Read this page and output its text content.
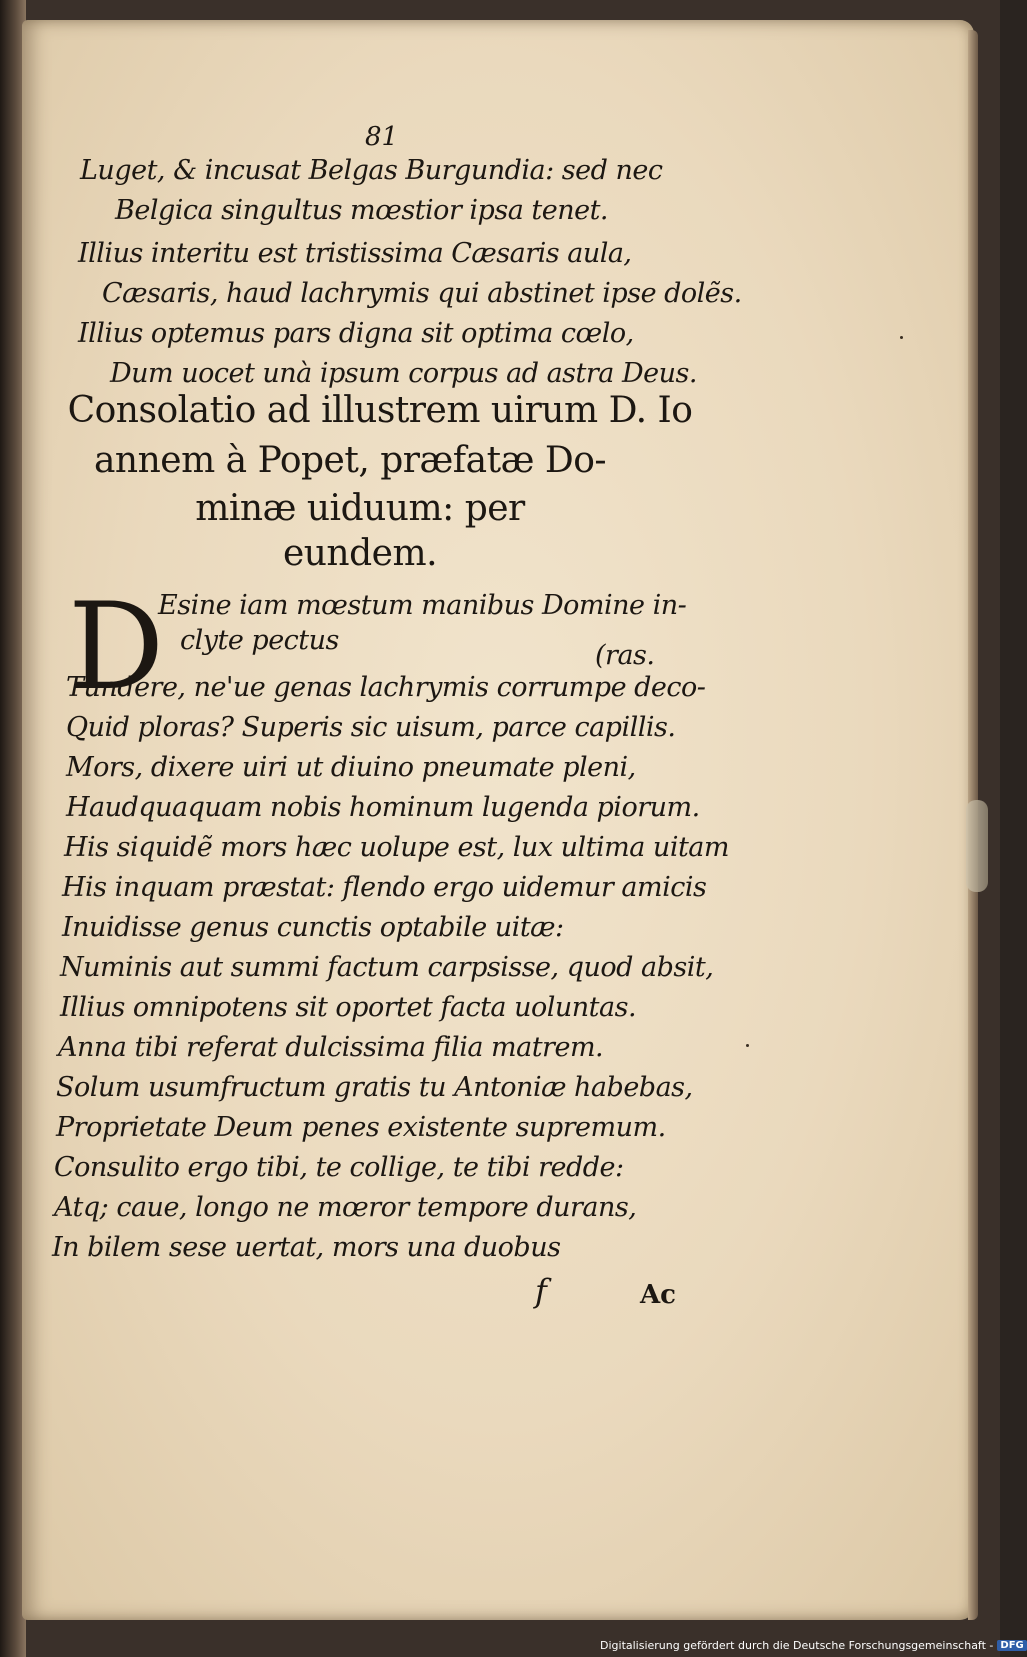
81
Luget, & incusat Belgas Burgundia: sed nec
Belgica singultus mœstior ipsa tenet.
Illius interitu est tristissima Cæsaris aula,
Cæsaris, haud lachrymis qui abstinet ipse dolẽs.
Illius optemus pars digna sit optima cœlo,
Dum uocet unà ipsum corpus ad astra Deus.
Consolatio ad illustrem uirum D. Io
annem à Popet, præfatæ Do-
minæ uiduum: per
eundem.
D
Esine iam mœstum manibus Domine in-
clyte pectus	(ras.
Tundere, ne'ue genas lachrymis corrumpe deco-
Quid ploras? Superis sic uisum, parce capillis.
Mors, dixere uiri ut diuino pneumate pleni,
Haudquaquam nobis hominum lugenda piorum.
His siquidẽ mors hæc uolupe est, lux ultima uitam
His inquam præstat: flendo ergo uidemur amicis
Inuidisse genus cunctis optabile uitæ:
Numinis aut summi factum carpsisse, quod absit,
Illius omnipotens sit oportet facta uoluntas.
Anna tibi referat dulcissima filia matrem.
Solum usumfructum gratis tu Antoniæ habebas,
Proprietate Deum penes existente supremum.
Consulito ergo tibi, te collige, te tibi redde:
Atq; caue, longo ne mœror tempore durans,
In bilem sese uertat, mors una duobus
f	Ac
Digitalisierung gefördert durch die Deutsche Forschungsgemeinschaft - DFG
